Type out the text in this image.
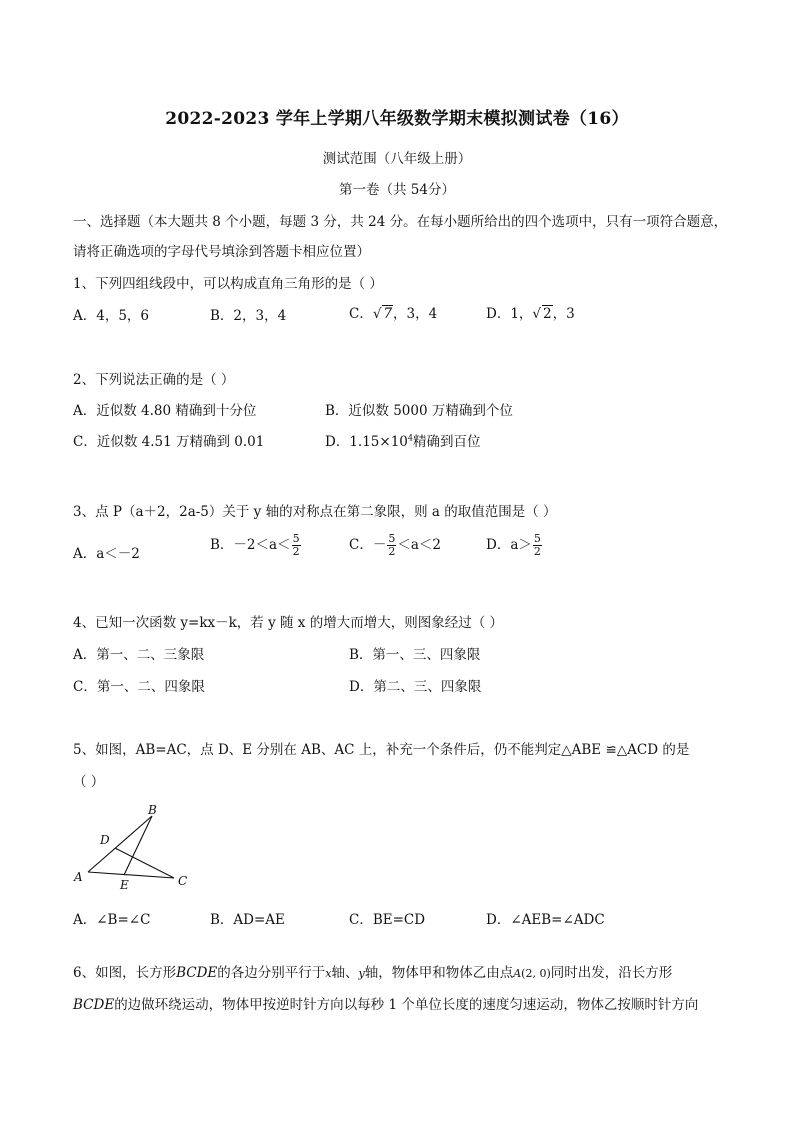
2022-2023 学年上学期八年级数学期末模拟测试卷（16）
测试范围（八年级上册）
第一卷（共 54分）
一、选择题（本大题共 8 个小题，每题 3 分，共 24 分。在每小题所给出的四个选项中，只有一项符合题意，
请将正确选项的字母代号填涂到答题卡相应位置）
1、下列四组线段中，可以构成直角三角形的是（ ）
A．4，5，6	B．2，3，4	C．√ 7，3，4	D．1，√ 2，3
2、下列说法正确的是（ ）
A．近似数 4.80 精确到十分位	B．近似数 5000 万精确到个位
C．近似数 4.51 万精确到 0.01	D．$1.15\times 10^4$精确到百位
3、点 P（a＋2，2a-5）关于 y 轴的对称点在第二象限，则 a 的取值范围是（ ）
A．a＜－2
B．$-2<a< \frac{5}{2}$	C．－ $\frac{5}{2} <a<2$	D．$a> \frac{5}{2}$
4、已知一次函数 y=kx－k，若 y 随 x 的增大而增大，则图象经过（ ）
A．第一、二、三象限	B．第一、三、四象限
C．第一、二、四象限	D．第二、三、四象限
5、如图，AB=AC，点 D、E 分别在 AB、AC 上，补充一个条件后，仍不能判定△ABE ≌△ACD 的是
（ ）
B
D
A
E	C
A．∠B=∠C	B．AD=AE	C．BE=CD	D．∠AEB=∠ADC
6、如图，长方形BCDE的各边分别平行于x轴、y轴，物体甲和物体乙由点A(2, 0)同时出发，沿长方形
BCDE的边做环绕运动，物体甲按逆时针方向以每秒 1 个单位长度的速度匀速运动，物体乙按顺时针方向
